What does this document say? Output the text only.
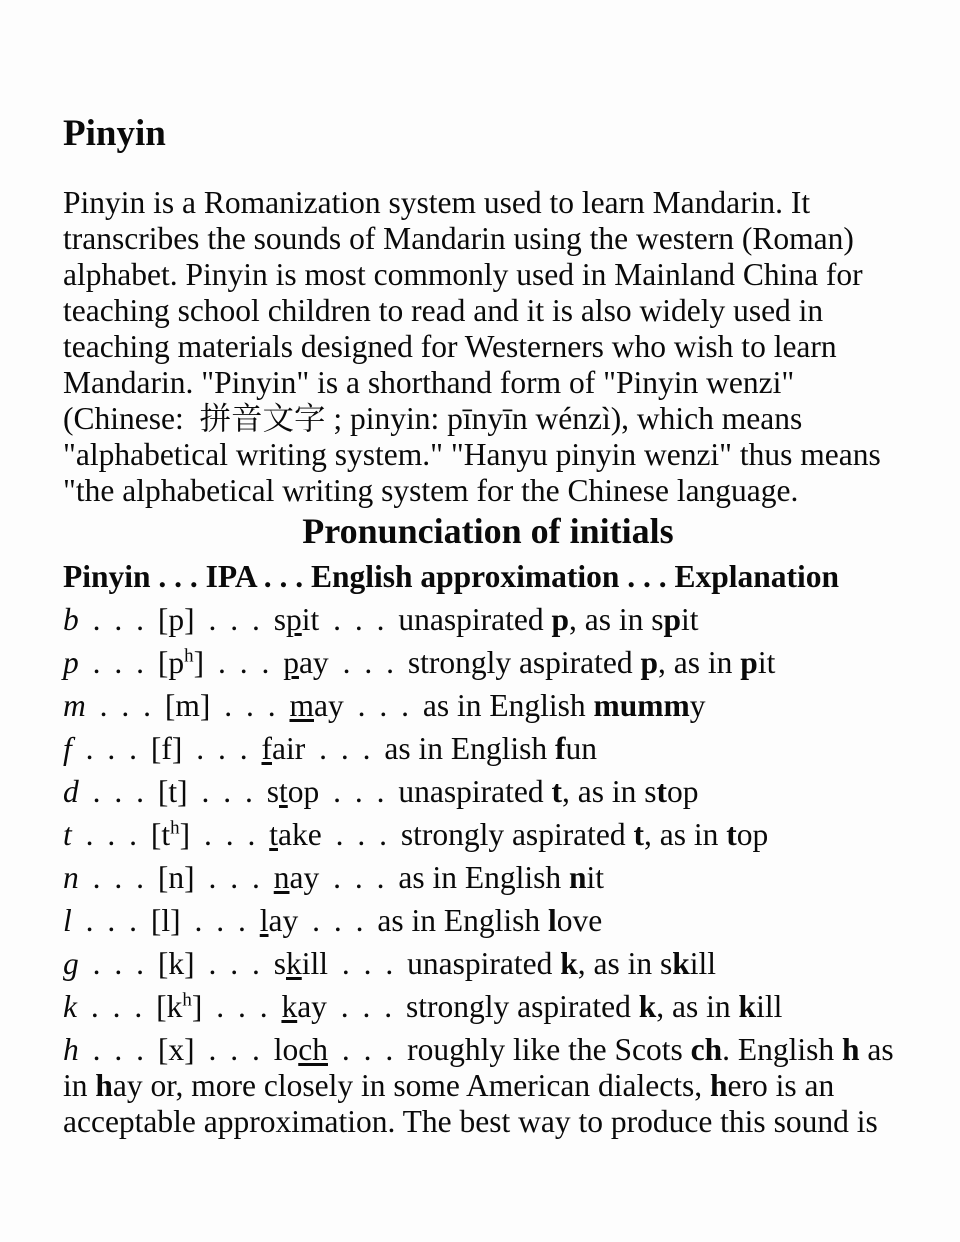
Pinyin

Pinyin is a Romanization system used to learn Mandarin. It transcribes the sounds of Mandarin using the western (Roman) alphabet. Pinyin is most commonly used in Mainland China for teaching school children to read and it is also widely used in teaching materials designed for Westerners who wish to learn Mandarin. "Pinyin" is a shorthand form of "Pinyin wenzi" (Chinese:  拼音文字 ; pinyin: pīnyīn wénzì), which means "alphabetical writing system." "Hanyu pinyin wenzi" thus means "the alphabetical writing system for the Chinese language.

Pronunciation of initials
Pinyin . . . IPA . . . English approximation . . . Explanation
b . . . [p] . . . spit . . . unaspirated p, as in spit
p . . . $[p^h]$ . . . pay . . . strongly aspirated p, as in pit
m . . . [m] . . . may . . . as in English mummy
f . . . [f] . . . fair . . . as in English fun
d . . . [t] . . . stop . . . unaspirated t, as in stop
t . . . $[t^h]$ . . . take . . . strongly aspirated t, as in top
n . . . [n] . . . nay . . . as in English nit
l . . . [l] . . . lay . . . as in English love
g . . . [k] . . . skill . . . unaspirated k, as in skill
k . . . $[k^h]$ . . . kay . . . strongly aspirated k, as in kill
h . . . [x] . . . loch . . . roughly like the Scots ch. English h as in hay or, more closely in some American dialects, hero is an acceptable approximation. The best way to produce this sound is
